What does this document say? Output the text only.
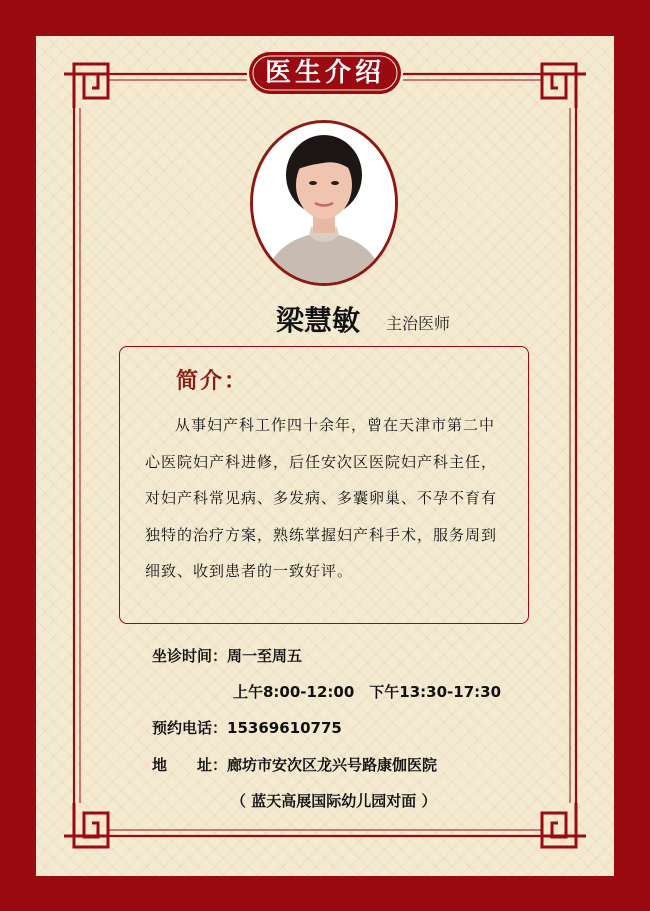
医生介绍
梁慧敏 主治医师
简介：
从事妇产科工作四十余年，曾在天津市第二中心医院妇产科进修，后任安次区医院妇产科主任，对妇产科常见病、多发病、多囊卵巢、不孕不育有独特的治疗方案，熟练掌握妇产科手术，服务周到细致、收到患者的一致好评。
坐诊时间：周一至周五
上午8:00-12:00　下午13:30-17:30
预约电话：15369610775
地　　址：廊坊市安次区龙兴号路康伽医院
（ 蓝天高展国际幼儿园对面 ）
